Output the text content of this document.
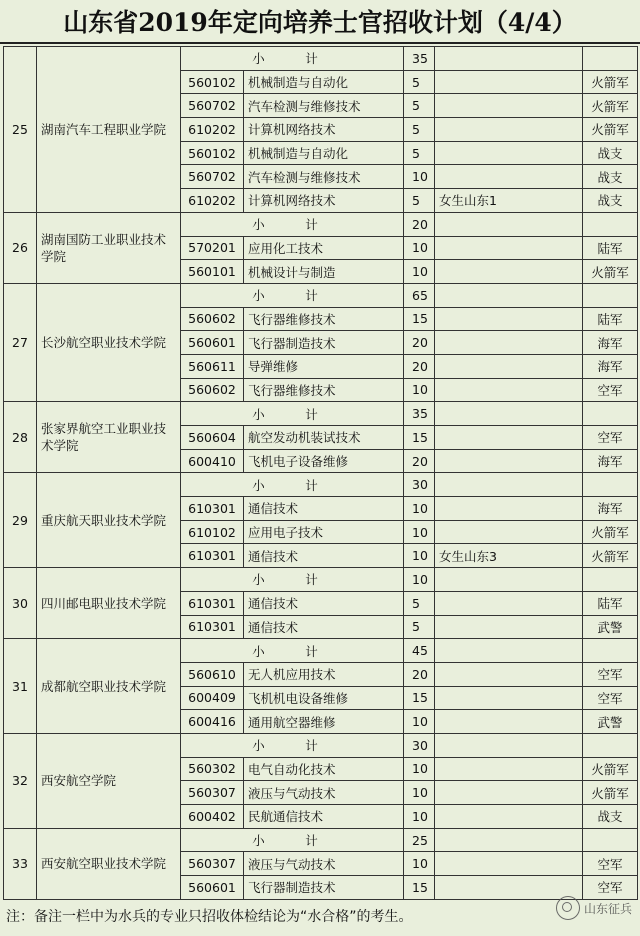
山东省2019年定向培养士官招收计划（4/4）
25	湖南汽车工程职业学院	小　计		35		
		560102	机械制造与自动化	5		火箭军
		560702	汽车检测与维修技术	5		火箭军
		610202	计算机网络技术	5		火箭军
		560102	机械制造与自动化	5		战支
		560702	汽车检测与维修技术	10		战支
		610202	计算机网络技术	5	女生山东1	战支
26	湖南国防工业职业技术学院	小　计		20		
		570201	应用化工技术	10		陆军
		560101	机械设计与制造	10		火箭军
27	长沙航空职业技术学院	小　计		65		
		560602	飞行器维修技术	15		陆军
		560601	飞行器制造技术	20		海军
		560611	导弹维修	20		海军
		560602	飞行器维修技术	10		空军
28	张家界航空工业职业技术学院	小　计		35		
		560604	航空发动机装试技术	15		空军
		600410	飞机电子设备维修	20		海军
29	重庆航天职业技术学院	小　计		30		
		610301	通信技术	10		海军
		610102	应用电子技术	10		火箭军
		610301	通信技术	10	女生山东3	火箭军
30	四川邮电职业技术学院	小　计		10		
		610301	通信技术	5		陆军
		610301	通信技术	5		武警
31	成都航空职业技术学院	小　计		45		
		560610	无人机应用技术	20		空军
		600409	飞机机电设备维修	15		空军
		600416	通用航空器维修	10		武警
32	西安航空学院	小　计		30		
		560302	电气自动化技术	10		火箭军
		560307	液压与气动技术	10		火箭军
		600402	民航通信技术	10		战支
33	西安航空职业技术学院	小　计		25		
		560307	液压与气动技术	10		空军
		560601	飞行器制造技术	15		空军
注：备注一栏中为水兵的专业只招收体检结论为“水合格”的考生。
山东征兵
